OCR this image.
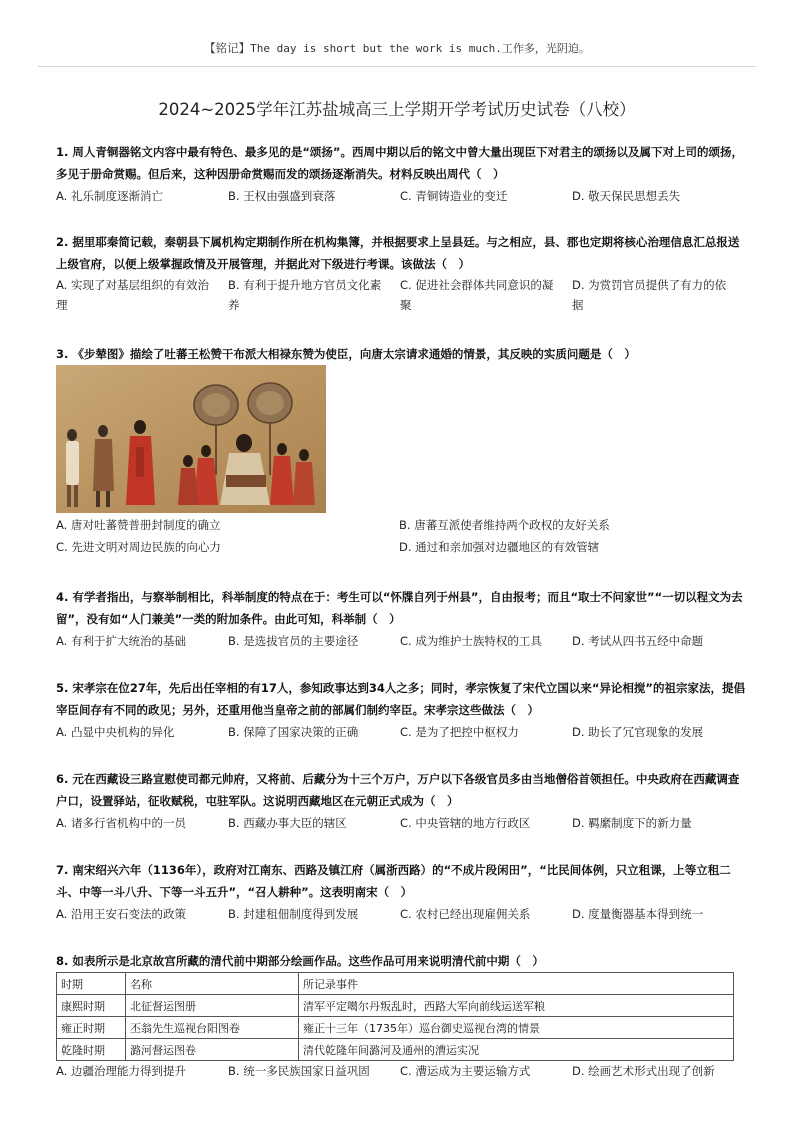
【铭记】The day is short but the work is much.工作多，光阴迫。
2024~2025学年江苏盐城高三上学期开学考试历史试卷（八校）
1. 周人青铜器铭文内容中最有特色、最多见的是“颂扬”。西周中期以后的铭文中曾大量出现臣下对君主的颂扬以及属下对上司的颂扬，多见于册命赏赐。但后来，这种因册命赏赐而发的颂扬逐渐消失。材料反映出周代（　）
A. 礼乐制度逐渐消亡	B. 王权由强盛到衰落	C. 青铜铸造业的变迁	D. 敬天保民思想丢失
2. 据里耶秦简记载，秦朝县下属机构定期制作所在机构集簿，并根据要求上呈县廷。与之相应，县、郡也定期将核心治理信息汇总报送上级官府，以便上级掌握政情及开展管理，并据此对下级进行考课。该做法（　）
A. 实现了对基层组织的有效治理
B. 有利于提升地方官员文化素养
C. 促进社会群体共同意识的凝聚
D. 为赏罚官员提供了有力的依据
3. 《步辇图》描绘了吐蕃王松赞干布派大相禄东赞为使臣，向唐太宗请求通婚的情景，其反映的实质问题是（　）
A. 唐对吐蕃赞普册封制度的确立	B. 唐蕃互派使者维持两个政权的友好关系
C. 先进文明对周边民族的向心力	D. 通过和亲加强对边疆地区的有效管辖
4. 有学者指出，与察举制相比，科举制度的特点在于：考生可以“怀牒自列于州县”，自由报考；而且“取士不问家世”“一切以程文为去留”，没有如“人门兼美”一类的附加条件。由此可知，科举制（　）
A. 有利于扩大统治的基础	B. 是选拔官员的主要途径	C. 成为维护士族特权的工具	D. 考试从四书五经中命题
5. 宋孝宗在位27年，先后出任宰相的有17人，参知政事达到34人之多；同时，孝宗恢复了宋代立国以来“异论相搅”的祖宗家法，提倡宰臣间存有不同的政见；另外，还重用他当皇帝之前的部属们制约宰臣。宋孝宗这些做法（　）
A. 凸显中央机构的异化	B. 保障了国家决策的正确	C. 是为了把控中枢权力	D. 助长了冗官现象的发展
6. 元在西藏设三路宣慰使司都元帅府，又将前、后藏分为十三个万户，万户以下各级官员多由当地僧俗首领担任。中央政府在西藏调查户口，设置驿站，征收赋税，屯驻军队。这说明西藏地区在元朝正式成为（　）
A. 诸多行省机构中的一员	B. 西藏办事大臣的辖区	C. 中央管辖的地方行政区	D. 羁縻制度下的新力量
7. 南宋绍兴六年（1136年），政府对江南东、西路及镇江府（属浙西路）的“不成片段闲田”，“比民间体例，只立租课，上等立租二斗、中等一斗八升、下等一斗五升”，“召人耕种”。这表明南宋（　）
A. 沿用王安石变法的政策	B. 封建租佃制度得到发展	C. 农村已经出现雇佣关系	D. 度量衡器基本得到统一
8. 如表所示是北京故宫所藏的清代前中期部分绘画作品。这些作品可用来说明清代前中期（　）
时期	名称	所记录事件
康熙时期	北征督运图册	清军平定噶尔丹叛乱时，西路大军向前线运送军粮
雍正时期	丕翁先生巡视台阳图卷	雍正十三年（1735年）巡台御史巡视台湾的情景
乾隆时期	潞河督运图卷	清代乾隆年间潞河及通州的漕运实况
A. 边疆治理能力得到提升	B. 统一多民族国家日益巩固	C. 漕运成为主要运输方式	D. 绘画艺术形式出现了创新
